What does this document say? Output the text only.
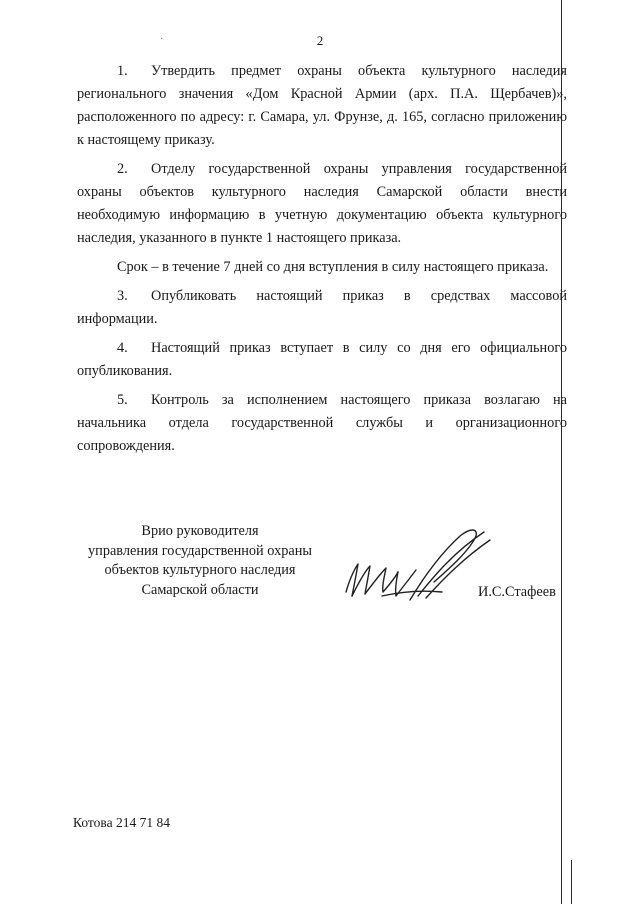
2
·

1. Утвердить предмет охраны объекта культурного наследия регионального значения «Дом Красной Армии (арх. П.А. Щербачев)», расположенного по адресу: г. Самара, ул. Фрунзе, д. 165, согласно приложению к настоящему приказу.

2. Отделу государственной охраны управления государственной охраны объектов культурного наследия Самарской области внести необходимую информацию в учетную документацию объекта культурного наследия, указанного в пункте 1 настоящего приказа.

Срок – в течение 7 дней со дня вступления в силу настоящего приказа.

3. Опубликовать настоящий приказ в средствах массовой информации.

4. Настоящий приказ вступает в силу со дня его официального опубликования.

5. Контроль за исполнением настоящего приказа возлагаю на начальника отдела государственной службы и организационного сопровождения.

Врио руководителя
управления государственной охраны
объектов культурного наследия
Самарской области	И.С.Стафеев
Котова 214 71 84
